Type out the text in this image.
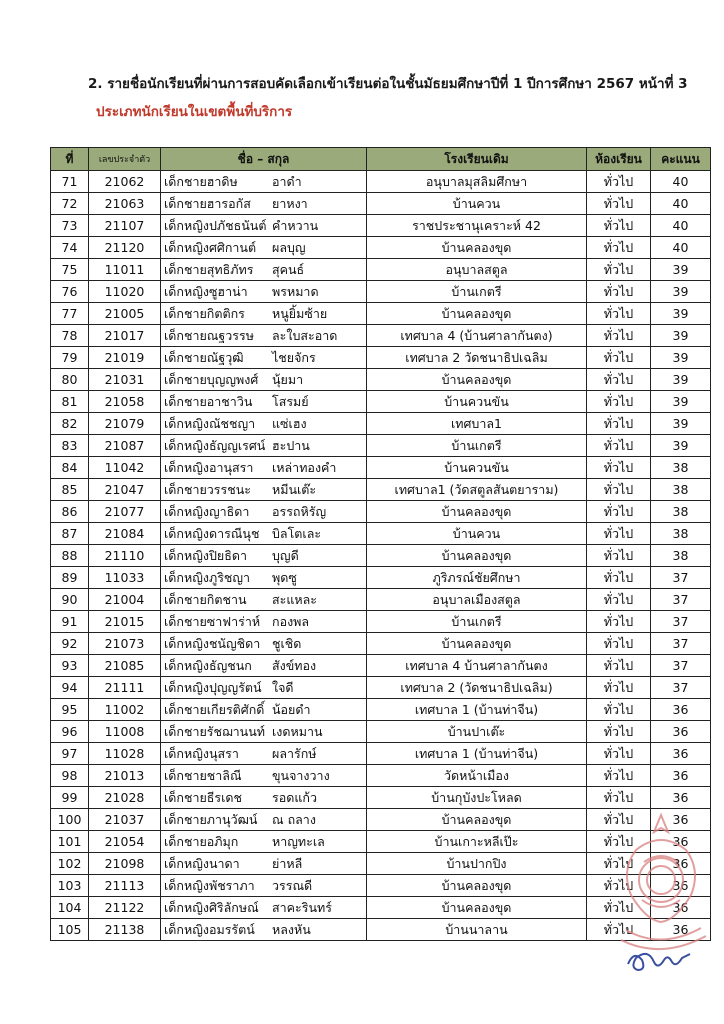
2. รายชื่อนักเรียนที่ผ่านการสอบคัดเลือกเข้าเรียนต่อในชั้นมัธยมศึกษาปีที่ 1 ปีการศึกษา 2567 หน้าที่ 3
ประเภทนักเรียนในเขตพื้นที่บริการ
ที่	เลขประจำตัว	ชื่อ – สกุล	โรงเรียนเดิม	ห้องเรียน	คะแนน
71	21062	เด็กชายฮาดิษ อาดำ	อนุบาลมุสลิมศึกษา	ทั่วไป	40
72	21063	เด็กชายฮารอกัส ยาหงา	บ้านควน	ทั่วไป	40
73	21107	เด็กหญิงปภัชธนันต์ คำหวาน	ราชประชานุเคราะห์ 42	ทั่วไป	40
74	21120	เด็กหญิงศศิกานต์ ผลบุญ	บ้านคลองขุด	ทั่วไป	40
75	11011	เด็กชายสุทธิภัทร สุคนธ์	อนุบาลสตูล	ทั่วไป	39
76	11020	เด็กหญิงซูฮาน่า พรหมาด	บ้านเกตรี	ทั่วไป	39
77	21005	เด็กชายกิตติกร หนูยิ้มซ้าย	บ้านคลองขุด	ทั่วไป	39
78	21017	เด็กชายณฐวรรษ ละใบสะอาด	เทศบาล 4 (บ้านศาลากันตง)	ทั่วไป	39
79	21019	เด็กชายณัฐวุฒิ ไชยจักร	เทศบาล 2 วัดชนาธิปเฉลิม	ทั่วไป	39
80	21031	เด็กชายบุญญพงศ์ นุ้ยมา	บ้านคลองขุด	ทั่วไป	39
81	21058	เด็กชายอาชาวิน โสรมย์	บ้านควนขัน	ทั่วไป	39
82	21079	เด็กหญิงณัชชญา แซ่เฮง	เทศบาล1	ทั่วไป	39
83	21087	เด็กหญิงธัญญเรศน์ ฮะปาน	บ้านเกตรี	ทั่วไป	39
84	11042	เด็กหญิงอานุสรา เหล่าทองคำ	บ้านควนขัน	ทั่วไป	38
85	21047	เด็กชายวรรชนะ หมีนเต๊ะ	เทศบาล1 (วัดสตูลสันตยาราม)	ทั่วไป	38
86	21077	เด็กหญิงญาธิดา อรรถหิรัญ	บ้านคลองขุด	ทั่วไป	38
87	21084	เด็กหญิงดารณีนุช บิลโตเละ	บ้านควน	ทั่วไป	38
88	21110	เด็กหญิงปิยธิดา บุญดี	บ้านคลองขุด	ทั่วไป	38
89	11033	เด็กหญิงภูริชญา พุดซู	ภูริภรณ์ชัยศึกษา	ทั่วไป	37
90	21004	เด็กชายกิตชาน สะแหละ	อนุบาลเมืองสตูล	ทั่วไป	37
91	21015	เด็กชายซาฟาร่าห์ กองพล	บ้านเกตรี	ทั่วไป	37
92	21073	เด็กหญิงชนัญชิดา ชูเชิด	บ้านคลองขุด	ทั่วไป	37
93	21085	เด็กหญิงธัญชนก สังข์ทอง	เทศบาล 4 บ้านศาลากันตง	ทั่วไป	37
94	21111	เด็กหญิงปุญญรัตน์ ใจดี	เทศบาล 2 (วัดชนาธิปเฉลิม)	ทั่วไป	37
95	11002	เด็กชายเกียรติศักดิ์ น้อยดำ	เทศบาล 1 (บ้านท่าจีน)	ทั่วไป	36
96	11008	เด็กชายรัชฌานนท์ เงดหมาน	บ้านปาเต๊ะ	ทั่วไป	36
97	11028	เด็กหญิงนุสรา ผลารักษ์	เทศบาล 1 (บ้านท่าจีน)	ทั่วไป	36
98	21013	เด็กชายชาลิณี ขุนจางวาง	วัดหน้าเมือง	ทั่วไป	36
99	21028	เด็กชายธีรเดช รอดแก้ว	บ้านกุบังปะโหลด	ทั่วไป	36
100	21037	เด็กชายภานุวัฒน์ ณ ถลาง	บ้านคลองขุด	ทั่วไป	36
101	21054	เด็กชายอภิมุก หาญทะเล	บ้านเกาะหลีเป๊ะ	ทั่วไป	36
102	21098	เด็กหญิงนาดา ย่าหลี	บ้านปากปิง	ทั่วไป	36
103	21113	เด็กหญิงพัชราภา วรรณดี	บ้านคลองขุด	ทั่วไป	36
104	21122	เด็กหญิงศิริลักษณ์ สาคะรินทร์	บ้านคลองขุด	ทั่วไป	36
105	21138	เด็กหญิงอมรรัตน์ หลงหัน	บ้านนาลาน	ทั่วไป	36
